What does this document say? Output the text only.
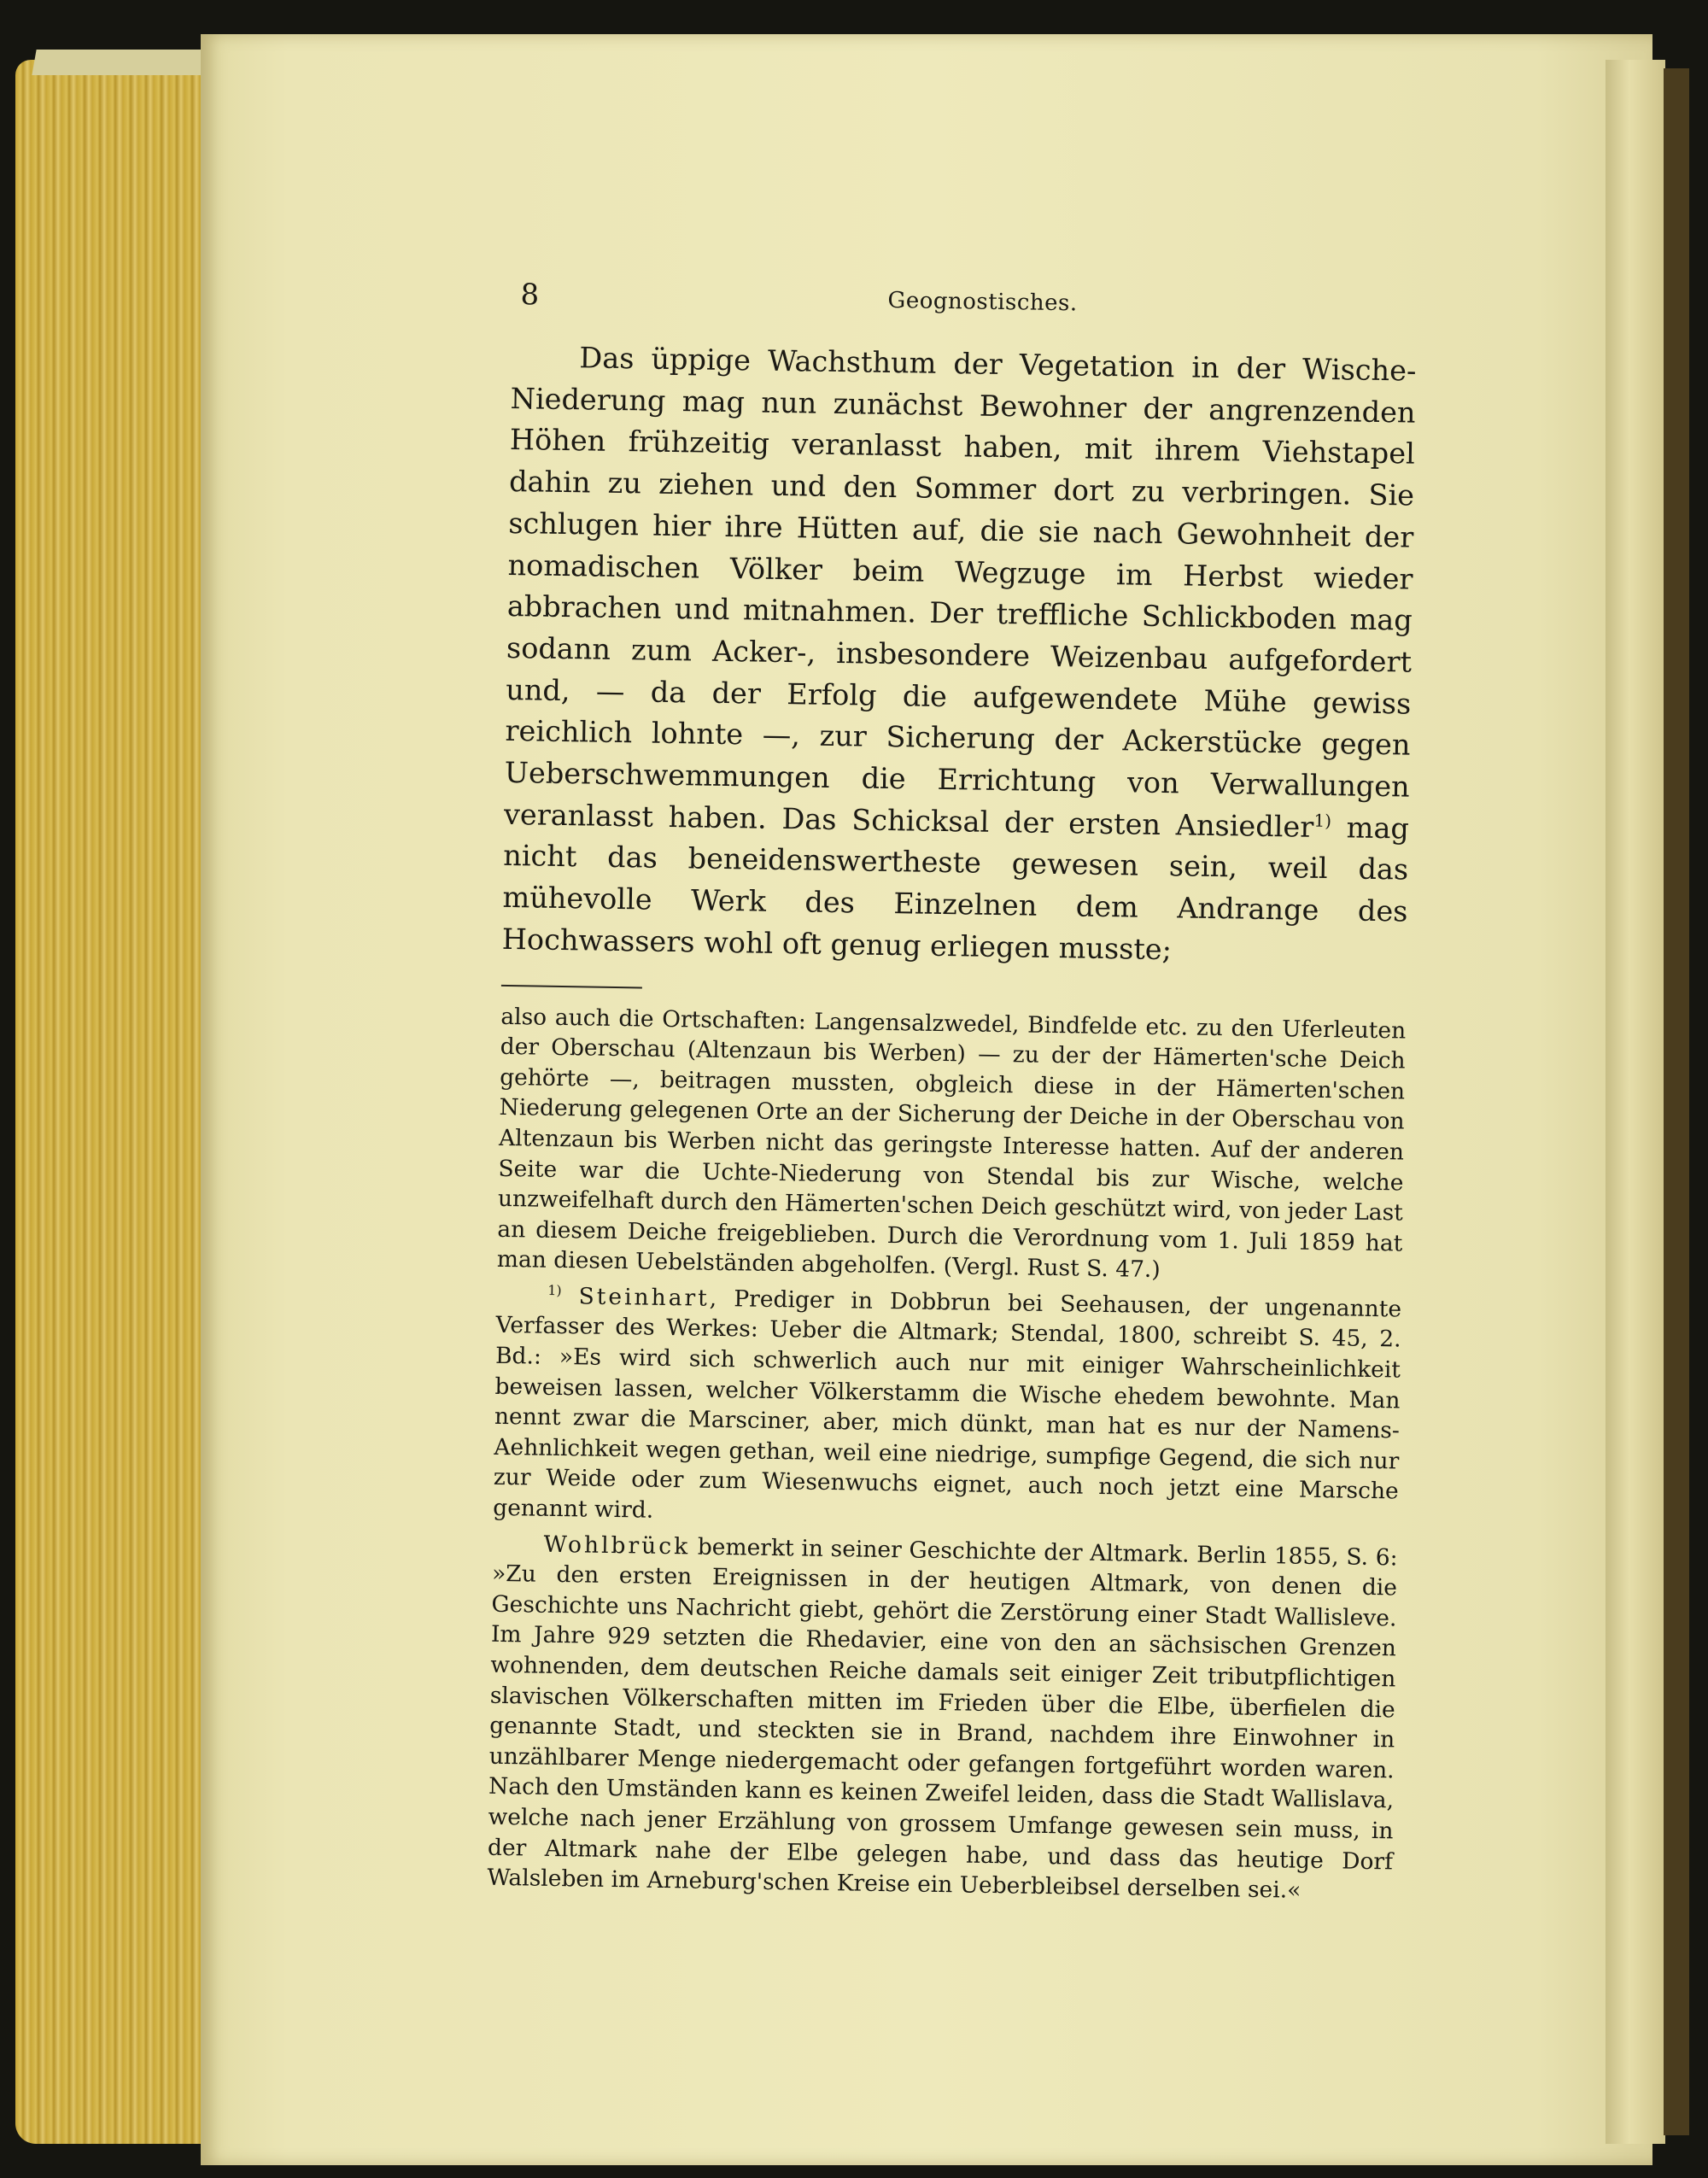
8	Geognostisches.

Das üppige Wachsthum der Vegetation in der Wische-Niederung mag nun zunächst Bewohner der angrenzenden Höhen frühzeitig veranlasst haben, mit ihrem Viehstapel dahin zu ziehen und den Sommer dort zu verbringen. Sie schlugen hier ihre Hütten auf, die sie nach Gewohnheit der nomadischen Völker beim Wegzuge im Herbst wieder abbrachen und mitnahmen. Der treffliche Schlickboden mag sodann zum Acker-, insbesondere Weizenbau aufgefordert und, — da der Erfolg die aufgewendete Mühe gewiss reichlich lohnte —, zur Sicherung der Ackerstücke gegen Ueberschwemmungen die Errichtung von Verwallungen veranlasst haben. Das Schicksal der ersten Ansiedler$^{1)}$ mag nicht das beneidenswertheste gewesen sein, weil das mühevolle Werk des Einzelnen dem Andrange des Hochwassers wohl oft genug erliegen musste;

also auch die Ortschaften: Langensalzwedel, Bindfelde etc. zu den Uferleuten der Oberschau (Altenzaun bis Werben) — zu der der Hämerten'sche Deich gehörte —, beitragen mussten, obgleich diese in der Hämerten'schen Niederung gelegenen Orte an der Sicherung der Deiche in der Oberschau von Altenzaun bis Werben nicht das geringste Interesse hatten. Auf der anderen Seite war die Uchte-Niederung von Stendal bis zur Wische, welche unzweifelhaft durch den Hämerten'schen Deich geschützt wird, von jeder Last an diesem Deiche freigeblieben. Durch die Verordnung vom 1. Juli 1859 hat man diesen Uebelständen abgeholfen. (Vergl. Rust S. 47.)

$^{1)}$ Steinhart, Prediger in Dobbrun bei Seehausen, der ungenannte Verfasser des Werkes: Ueber die Altmark; Stendal, 1800, schreibt S. 45, 2. Bd.: »Es wird sich schwerlich auch nur mit einiger Wahrscheinlichkeit beweisen lassen, welcher Völkerstamm die Wische ehedem bewohnte. Man nennt zwar die Marsciner, aber, mich dünkt, man hat es nur der Namens-Aehnlichkeit wegen gethan, weil eine niedrige, sumpfige Gegend, die sich nur zur Weide oder zum Wiesenwuchs eignet, auch noch jetzt eine Marsche genannt wird.

Wohlbrück bemerkt in seiner Geschichte der Altmark. Berlin 1855, S. 6: »Zu den ersten Ereignissen in der heutigen Altmark, von denen die Geschichte uns Nachricht giebt, gehört die Zerstörung einer Stadt Wallisleve. Im Jahre 929 setzten die Rhedavier, eine von den an sächsischen Grenzen wohnenden, dem deutschen Reiche damals seit einiger Zeit tributpflichtigen slavischen Völkerschaften mitten im Frieden über die Elbe, überfielen die genannte Stadt, und steckten sie in Brand, nachdem ihre Einwohner in unzählbarer Menge niedergemacht oder gefangen fortgeführt worden waren. Nach den Umständen kann es keinen Zweifel leiden, dass die Stadt Wallislava, welche nach jener Erzählung von grossem Umfange gewesen sein muss, in der Altmark nahe der Elbe gelegen habe, und dass das heutige Dorf Walsleben im Arneburg'schen Kreise ein Ueberbleibsel derselben sei.«
